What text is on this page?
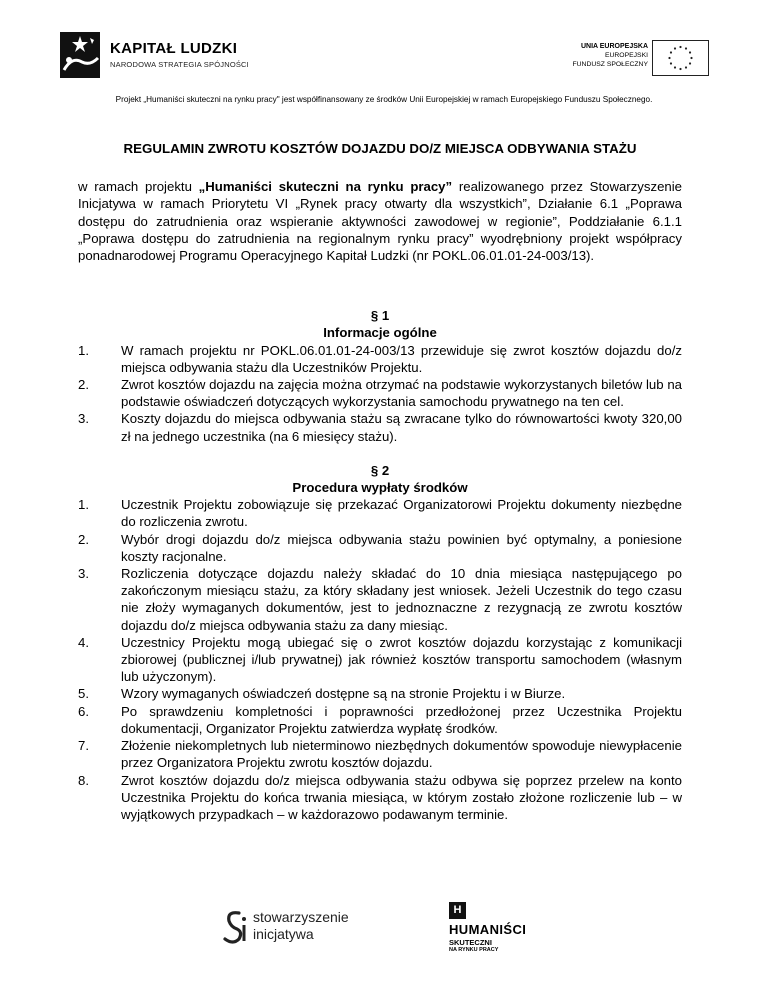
KAPITAŁ LUDZKI
NARODOWA STRATEGIA SPÓJNOŚCI
UNIA EUROPEJSKA
EUROPEJSKI
FUNDUSZ SPOŁECZNY
Projekt „Humaniści skuteczni na rynku pracy" jest współfinansowany ze środków Unii Europejskiej w ramach Europejskiego Funduszu Społecznego.
REGULAMIN ZWROTU KOSZTÓW DOJAZDU DO/Z MIEJSCA ODBYWANIA STAŻU

w ramach projektu „Humaniści skuteczni na rynku pracy” realizowanego przez Stowarzyszenie Inicjatywa w ramach Priorytetu VI „Rynek pracy otwarty dla wszystkich”, Działanie 6.1 „Poprawa dostępu do zatrudnienia oraz wspieranie aktywności zawodowej w regionie”, Poddziałanie 6.1.1 „Poprawa dostępu do zatrudnienia na regionalnym rynku pracy” wyodrębniony projekt współpracy ponadnarodowej Programu Operacyjnego Kapitał Ludzki (nr POKL.06.01.01-24-003/13).

§ 1

Informacje ogólne

1. W ramach projektu nr POKL.06.01.01-24-003/13 przewiduje się zwrot kosztów dojazdu do/z miejsca odbywania stażu dla Uczestników Projektu.
2. Zwrot kosztów dojazdu na zajęcia można otrzymać na podstawie wykorzystanych biletów lub na podstawie oświadczeń dotyczących wykorzystania samochodu prywatnego na ten cel.
3. Koszty dojazdu do miejsca odbywania stażu są zwracane tylko do równowartości kwoty 320,00 zł na jednego uczestnika (na 6 miesięcy stażu).

§ 2

Procedura wypłaty środków

1. Uczestnik Projektu zobowiązuje się przekazać Organizatorowi Projektu dokumenty niezbędne do rozliczenia zwrotu.
2. Wybór drogi dojazdu do/z miejsca odbywania stażu powinien być optymalny, a poniesione koszty racjonalne.
3. Rozliczenia dotyczące dojazdu należy składać do 10 dnia miesiąca następującego po zakończonym miesiącu stażu, za który składany jest wniosek. Jeżeli Uczestnik do tego czasu nie złoży wymaganych dokumentów, jest to jednoznaczne z rezygnacją ze zwrotu kosztów dojazdu do/z miejsca odbywania stażu za dany miesiąc.
4. Uczestnicy Projektu mogą ubiegać się o zwrot kosztów dojazdu korzystając z komunikacji zbiorowej (publicznej i/lub prywatnej) jak również kosztów transportu samochodem (własnym lub użyczonym).
5. Wzory wymaganych oświadczeń dostępne są na stronie Projektu i w Biurze.
6. Po sprawdzeniu kompletności i poprawności przedłożonej przez Uczestnika Projektu dokumentacji, Organizator Projektu zatwierdza wypłatę środków.
7. Złożenie niekompletnych lub nieterminowo niezbędnych dokumentów spowoduje niewypłacenie przez Organizatora Projektu zwrotu kosztów dojazdu.
8. Zwrot kosztów dojazdu do/z miejsca odbywania stażu odbywa się poprzez przelew na konto Uczestnika Projektu do końca trwania miesiąca, w którym zostało złożone rozliczenie lub – w wyjątkowych przypadkach – w każdorazowo podawanym terminie.
stowarzyszenie
inicjatywa
H
HUMANIŚCI
SKUTECZNI
NA RYNKU PRACY
